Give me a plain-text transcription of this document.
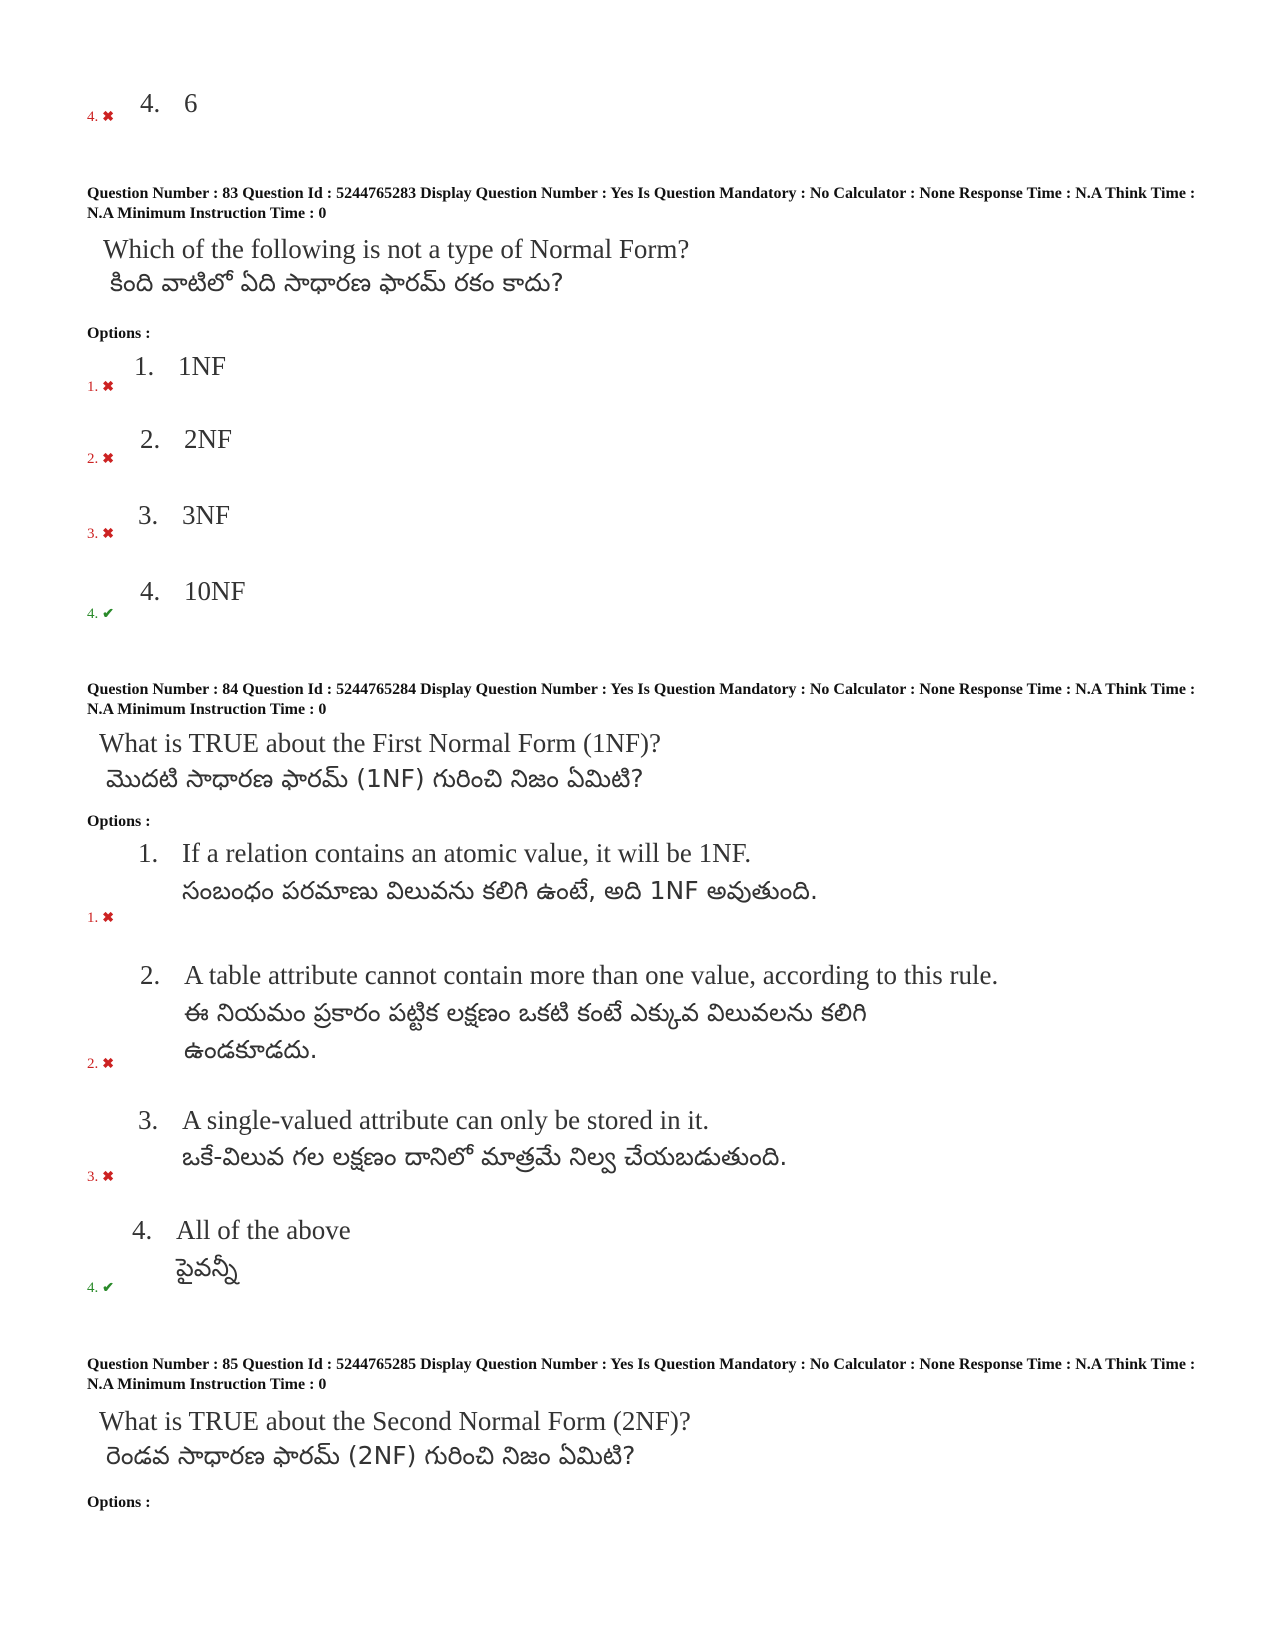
4. ✖ 4. 6
Question Number : 83 Question Id : 5244765283 Display Question Number : Yes Is Question Mandatory : No Calculator : None Response Time : N.A Think Time : N.A Minimum Instruction Time : 0
Which of the following is not a type of Normal Form?
కింది వాటిలో ఏది సాధారణ ఫారమ్ రకం కాదు?
Options :
1. ✖
1. 1NF
2. ✖
2. 2NF
3. ✖
3. 3NF
4. ✔
4. 10NF
Question Number : 84 Question Id : 5244765284 Display Question Number : Yes Is Question Mandatory : No Calculator : None Response Time : N.A Think Time : N.A Minimum Instruction Time : 0
What is TRUE about the First Normal Form (1NF)?
మొదటి సాధారణ ఫారమ్ (1NF) గురించి నిజం ఏమిటి?
Options :
1. ✖
1. If a relation contains an atomic value, it will be 1NF.
సంబంధం పరమాణు విలువను కలిగి ఉంటే, అది 1NF అవుతుంది.
2. ✖
2. A table attribute cannot contain more than one value, according to this rule.
ఈ నియమం ప్రకారం పట్టిక లక్షణం ఒకటి కంటే ఎక్కువ విలువలను కలిగి
ఉండకూడదు.
3. ✖
3. A single-valued attribute can only be stored in it.
ఒకే-విలువ గల లక్షణం దానిలో మాత్రమే నిల్వ చేయబడుతుంది.
4. ✔
4. All of the above
పైవన్నీ
Question Number : 85 Question Id : 5244765285 Display Question Number : Yes Is Question Mandatory : No Calculator : None Response Time : N.A Think Time : N.A Minimum Instruction Time : 0
What is TRUE about the Second Normal Form (2NF)?
రెండవ సాధారణ ఫారమ్ (2NF) గురించి నిజం ఏమిటి?
Options :
